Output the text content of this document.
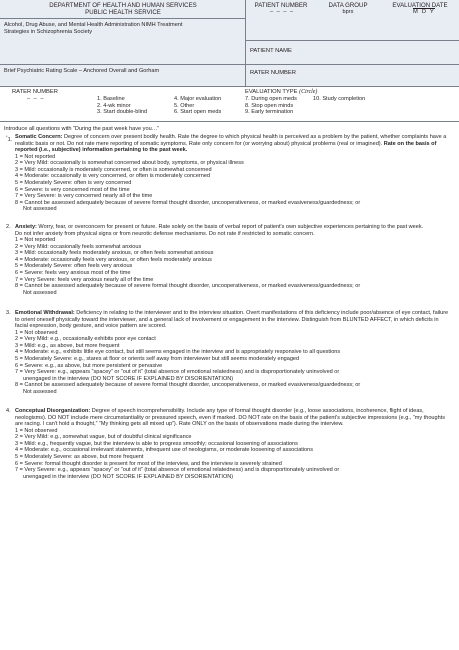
DEPARTMENT OF HEALTH AND HUMAN SERVICES
PUBLIC HEALTH SERVICE
Alcohol, Drug Abuse, and Mental Health Administration NIMH Treatment
Strategies in Schizophrenia Society
Brief Psychiatric Rating Scale – Anchored Overall and Gorham
PATIENT NUMBER
– – – –
DATA GROUP
bprs
EVALUATION DATE
M D Y
PATIENT NAME
RATER NUMBER
RATER NUMBER
– – –
EVALUATION TYPE (Circle)
1. Baseline
2. 4-wk minor
3. Start double-blind
4. Major evaluation
5. Other
6. Start open meds
7. During open meds
8. Stop open minds
9. Early termination
10. Study completion
Introduce all questions with “During the past week have you…”
*1. Somatic Concern: Degree of concern over present bodily health. Rate the degree to which physical health is perceived as a problem by the patient, whether complaints have a realistic basis or not. Do not rate mere reporting of somatic symptoms. Rate only concern for (or worrying about) physical problems (real or imagined). Rate on the basis of reported (i.e., subjective) information pertaining to the past week.

1 = Not reported
2 = Very Mild: occasionally is somewhat concerned about body, symptoms, or physical illness
3 = Mild: occasionally is moderately concerned, or often is somewhat concerned
4 = Moderate: occasionally is very concerned, or often is moderately concerned
5 = Moderately Severe: often is very concerned
6 = Severe: is very concerned most of the time
7 = Very Severe: is very concerned nearly all of the time
8 = Cannot be assessed adequately because of severe formal thought disorder, uncooperativeness, or marked evasiveness/guardedness; or
Not assessed
2. Anxiety: Worry, fear, or overconcern for present or future. Rate solely on the basis of verbal report of patient's own subjective experiences pertaining to the past week.

Do not infer anxiety from physical signs or from neurotic defense mechanisms. Do not rate if restricted to somatic concern.

1 = Not reported
2 = Very Mild: occasionally feels somewhat anxious
3 = Mild: occasionally feels moderately anxious, or often feels somewhat anxious
4 = Moderate: occasionally feels very anxious, or often feels moderately anxious
5 = Moderately Severe: often feels very anxious
6 = Severe: feels very anxious most of the time
7 = Very Severe: feels very anxious nearly all of the time
8 = Cannot be assessed adequately because of severe formal thought disorder, uncooperativeness, or marked evasiveness/guardedness; or
Not assessed
3. Emotional Withdrawal: Deficiency in relating to the interviewer and to the interview situation. Overt manifestations of this deficiency include poor/absence of eye contact, failure to orient oneself physically toward the interviewer, and a general lack of involvement or engagement in the interview. Distinguish from BLUNTED AFFECT, in which deficits in facial expression, body gesture, and voice pattern are scored.

1 = Not observed
2 = Very Mild: e.g., occasionally exhibits poor eye contact
3 = Mild: e.g., as above, but more frequent
4 = Moderate: e.g., exhibits little eye contact, but still seems engaged in the interview and is appropriately responsive to all questions
5 = Moderately Severe: e.g., stares at floor or orients self away from interviewer but still seems moderately engaged
6 = Severe: e.g., as above, but more persistent or pervasive
7 = Very Severe: e.g., appears “spacey” or “out of it” (total absence of emotional relatedness) and is disproportionately uninvolved or
unengaged in the interview (DO NOT SCORE IF EXPLAINED BY DISORIENTATION)
8 = Cannot be assessed adequately because of severe formal thought disorder, uncooperativeness, or marked evasiveness/guardedness; or
Not assessed
4. Conceptual Disorganization: Degree of speech incomprehensibility. Include any type of formal thought disorder (e.g., loose associations, incoherence, flight of ideas, neologisms). DO NOT include mere circumstantiality or pressured speech, even if marked. DO NOT rate on the basis of the patient's subjective impressions (e.g., “my thoughts are racing. I can't hold a thought,” “My thinking gets all mixed up”). Rate ONLY on the basis of observations made during the interview.

1 = Not observed
2 = Very Mild: e.g., somewhat vague, but of doubtful clinical significance
3 = Mild: e.g., frequently vague, but the interview is able to progress smoothly; occasional loosening of associations
4 = Moderate: e.g., occasional irrelevant statements, infrequent use of neologisms, or moderate loosening of associations
5 = Moderately Severe: as above, but more frequent
6 = Severe: formal thought disorder is present for most of the interview, and the interview is severely strained
7 = Very Severe: e.g., appears “spacey” or “out of it” (total absence of emotional relatedness) and is disproportionately uninvolved or
unengaged in the interview (DO NOT SCORE IF EXPLAINED BY DISORIENTATION)
